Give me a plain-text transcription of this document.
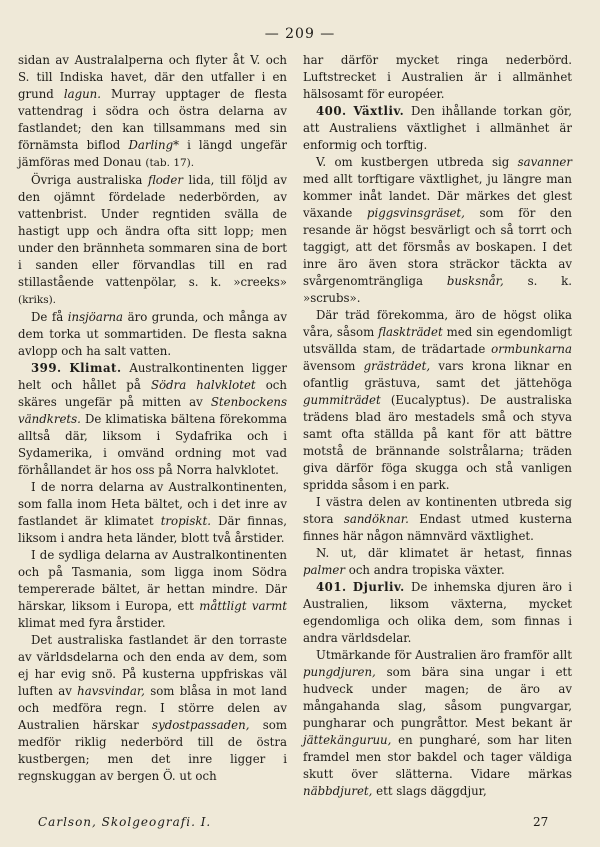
— 209 —

sidan av Australalperna och flyter åt V. och S. till Indiska havet, där den utfaller i en grund lagun. Murray upptager de flesta vattendrag i södra och östra delarna av fastlandet; den kan tillsammans med sin förnämsta biflod Darling* i längd ungefär jämföras med Donau (tab. 17).

Övriga australiska floder lida, till följd av den ojämnt fördelade nederbörden, av vattenbrist. Under regntiden svälla de hastigt upp och ändra ofta sitt lopp; men under den brännheta sommaren sina de bort i sanden eller förvandlas till en rad stillastående vattenpölar, s. k. »creeks» (kriks).

De få insjöarna äro grunda, och många av dem torka ut sommartiden. De flesta sakna avlopp och ha salt vatten.

399. Klimat. Australkontinenten ligger helt och hållet på Södra halvklotet och skäres ungefär på mitten av Stenbockens vändkrets. De klimatiska bältena förekomma alltså där, liksom i Sydafrika och i Sydamerika, i omvänd ordning mot vad förhållandet är hos oss på Norra halvklotet.

I de norra delarna av Australkontinenten, som falla inom Heta bältet, och i det inre av fastlandet är klimatet tropiskt. Där finnas, liksom i andra heta länder, blott två årstider.

I de sydliga delarna av Australkontinenten och på Tasmania, som ligga inom Södra tempererade bältet, är hettan mindre. Där härskar, liksom i Europa, ett måttligt varmt klimat med fyra årstider.

Det australiska fastlandet är den torraste av världsdelarna och den enda av dem, som ej har evig snö. På kusterna uppfriskas väl luften av havsvindar, som blåsa in mot land och medföra regn. I större delen av Australien härskar sydostpassaden, som medför riklig nederbörd till de östra kustbergen; men det inre ligger i regnskuggan av bergen Ö. ut och

har därför mycket ringa nederbörd. Luftstrecket i Australien är i allmänhet hälsosamt för européer.

400. Växtliv. Den ihållande torkan gör, att Australiens växtlighet i allmänhet är enformig och torftig.

V. om kustbergen utbreda sig savanner med allt torftigare växtlighet, ju längre man kommer inåt landet. Där märkes det glest växande piggsvinsgräset, som för den resande är högst besvärligt och så torrt och taggigt, att det försmås av boskapen. I det inre äro även stora sträckor täckta av svårgenomträngliga busksnår, s. k. »scrubs».

Där träd förekomma, äro de högst olika våra, såsom flaskträdet med sin egendomligt utsvällda stam, de trädartade ormbunkarna ävensom grästrädet, vars krona liknar en ofantlig grästuva, samt det jättehöga gummiträdet (Eucalyptus). De australiska trädens blad äro mestadels små och styva samt ofta ställda på kant för att bättre motstå de brännande solstrålarna; träden giva därför föga skugga och stå vanligen spridda såsom i en park.

I västra delen av kontinenten utbreda sig stora sandöknar. Endast utmed kusterna finnes här någon nämnvärd växtlighet.

N. ut, där klimatet är hetast, finnas palmer och andra tropiska växter.

401. Djurliv. De inhemska djuren äro i Australien, liksom växterna, mycket egendomliga och olika dem, som finnas i andra världsdelar.

Utmärkande för Australien äro framför allt pungdjuren, som bära sina ungar i ett hudveck under magen; de äro av mångahanda slag, såsom pungvargar, pungharar och pungråttor. Mest bekant är jättekänguruu, en pungharé, som har liten framdel men stor bakdel och tager väldiga skutt över slätterna. Vidare märkas näbbdjuret, ett slags däggdjur,

Carlson, Skolgeografi. I.	27
